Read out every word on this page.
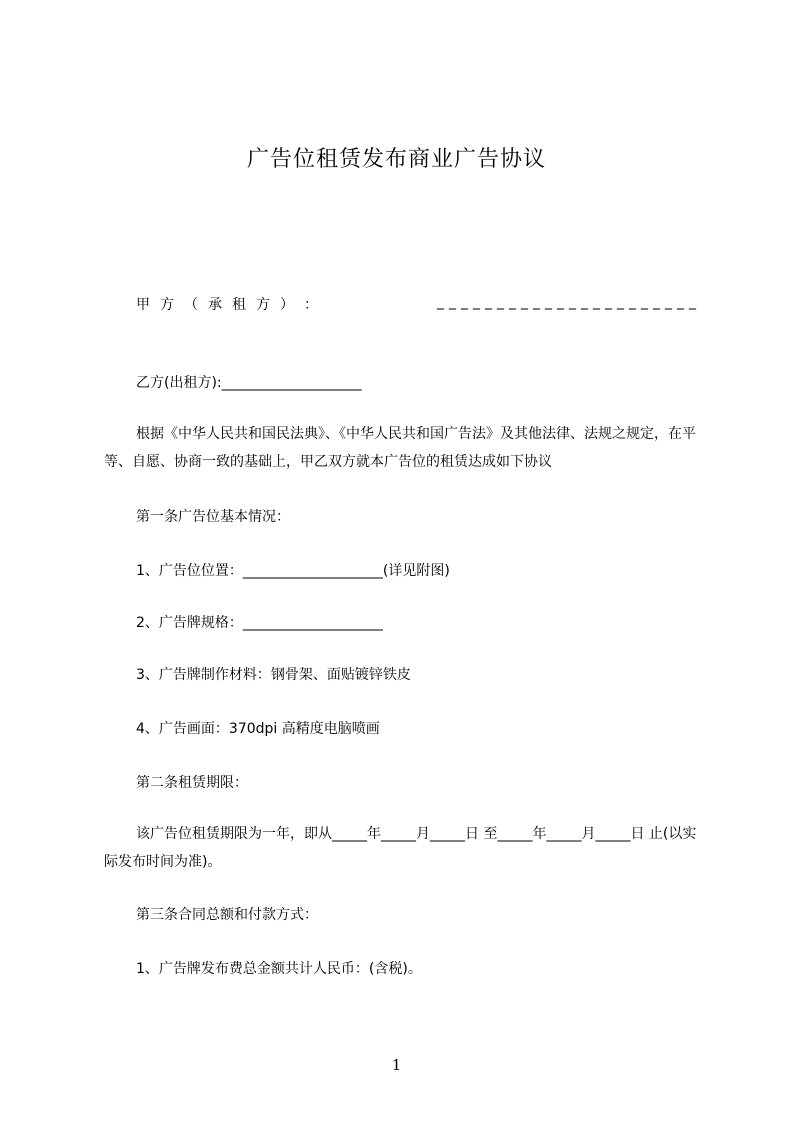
广告位租赁发布商业广告协议
甲 方 （ 承 租 方 ） ：	______________________

乙方(出租方):____________________

根据《中华人民共和国民法典》、《中华人民共和国广告法》及其他法律、法规之规定，在平等、自愿、协商一致的基础上，甲乙双方就本广告位的租赁达成如下协议

第一条广告位基本情况：

1、广告位位置：____________________(详见附图)

2、广告牌规格：____________________

3、广告牌制作材料：钢骨架、面贴镀锌铁皮

4、广告画面：370dpi 高精度电脑喷画

第二条租赁期限：

该广告位租赁期限为一年，即从_____年_____月_____日 至_____年_____月_____日 止(以实际发布时间为准)。

第三条合同总额和付款方式：

1、广告牌发布费总金额共计人民币：(含税)。

1
